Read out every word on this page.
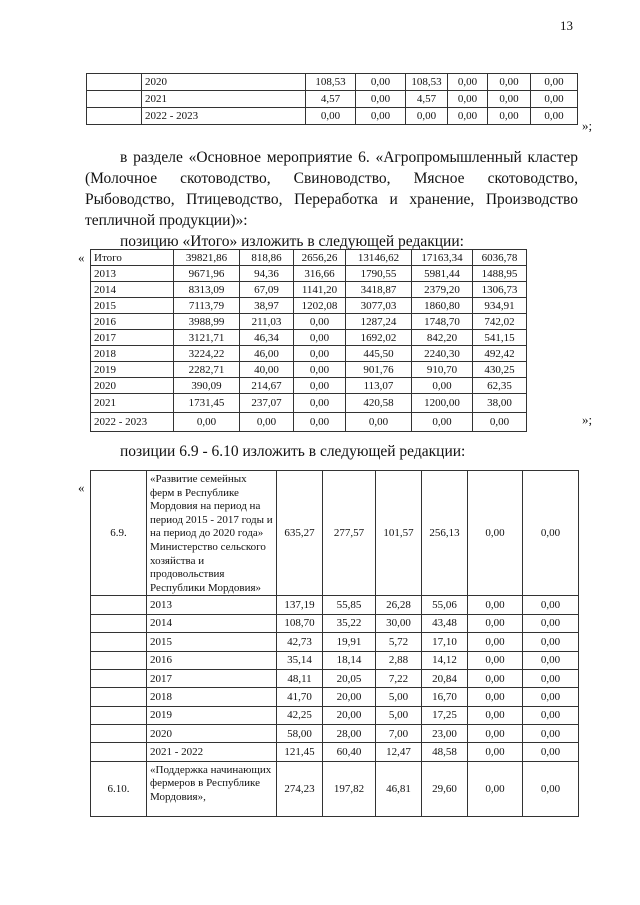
13
	2020	108,53	0,00	108,53	0,00	0,00	0,00
	2021	4,57	0,00	4,57	0,00	0,00	0,00
	2022 - 2023	0,00	0,00	0,00	0,00	0,00	0,00
»;
в разделе «Основное мероприятие 6. «Агропромышленный кластер (Молочное скотоводство, Свиноводство, Мясное скотоводство, Рыбоводство, Птицеводство, Переработка и хранение, Производство тепличной продукции)»:
позицию «Итого» изложить в следующей редакции:
« Итого	39821,86	818,86	2656,26	13146,62	17163,34	6036,78
2013	9671,96	94,36	316,66	1790,55	5981,44	1488,95
2014	8313,09	67,09	1141,20	3418,87	2379,20	1306,73
2015	7113,79	38,97	1202,08	3077,03	1860,80	934,91
2016	3988,99	211,03	0,00	1287,24	1748,70	742,02
2017	3121,71	46,34	0,00	1692,02	842,20	541,15
2018	3224,22	46,00	0,00	445,50	2240,30	492,42
2019	2282,71	40,00	0,00	901,76	910,70	430,25
2020	390,09	214,67	0,00	113,07	0,00	62,35
2021	1731,45	237,07	0,00	420,58	1200,00	38,00
2022 - 2023	0,00	0,00	0,00	0,00	0,00	0,00	»;
позиции 6.9 - 6.10 изложить в следующей редакции:
«
6.9.	«Развитие семейных ферм в Республике Мордовия на период на период 2015 - 2017 годы и на период до 2020 года» Министерство сельского хозяйства и продовольствия Республики Мордовия»	635,27	277,57	101,57	256,13	0,00	0,00
	2013	137,19	55,85	26,28	55,06	0,00	0,00
	2014	108,70	35,22	30,00	43,48	0,00	0,00
	2015	42,73	19,91	5,72	17,10	0,00	0,00
	2016	35,14	18,14	2,88	14,12	0,00	0,00
	2017	48,11	20,05	7,22	20,84	0,00	0,00
	2018	41,70	20,00	5,00	16,70	0,00	0,00
	2019	42,25	20,00	5,00	17,25	0,00	0,00
	2020	58,00	28,00	7,00	23,00	0,00	0,00
	2021 - 2022	121,45	60,40	12,47	48,58	0,00	0,00
6.10.	«Поддержка начинающих фермеров в Республике Мордовия»,	274,23	197,82	46,81	29,60	0,00	0,00
